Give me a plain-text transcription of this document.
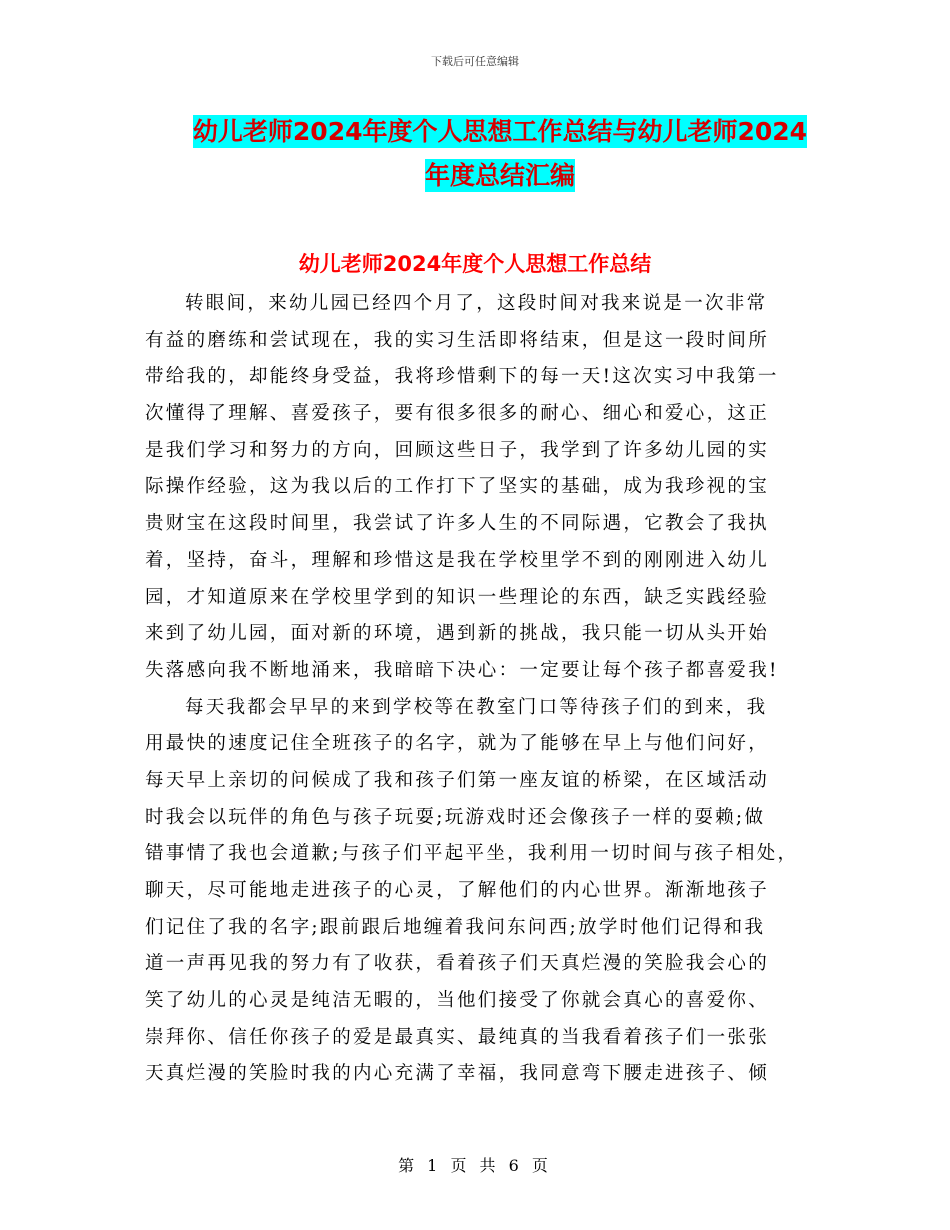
下载后可任意编辑
幼儿老师2024年度个人思想工作总结与幼儿老师2024
年度总结汇编
幼儿老师2024年度个人思想工作总结
转眼间，来幼儿园已经四个月了，这段时间对我来说是一次非常
有益的磨练和尝试现在，我的实习生活即将结束，但是这一段时间所
带给我的，却能终身受益，我将珍惜剩下的每一天!这次实习中我第一
次懂得了理解、喜爱孩子，要有很多很多的耐心、细心和爱心，这正
是我们学习和努力的方向，回顾这些日子，我学到了许多幼儿园的实
际操作经验，这为我以后的工作打下了坚实的基础，成为我珍视的宝
贵财宝在这段时间里，我尝试了许多人生的不同际遇，它教会了我执
着，坚持，奋斗，理解和珍惜这是我在学校里学不到的刚刚进入幼儿
园，才知道原来在学校里学到的知识一些理论的东西，缺乏实践经验
来到了幼儿园，面对新的环境，遇到新的挑战，我只能一切从头开始
失落感向我不断地涌来，我暗暗下决心：一定要让每个孩子都喜爱我!
每天我都会早早的来到学校等在教室门口等待孩子们的到来，我
用最快的速度记住全班孩子的名字，就为了能够在早上与他们问好，
每天早上亲切的问候成了我和孩子们第一座友谊的桥梁，在区域活动
时我会以玩伴的角色与孩子玩耍;玩游戏时还会像孩子一样的耍赖;做
错事情了我也会道歉;与孩子们平起平坐，我利用一切时间与孩子相处，
聊天，尽可能地走进孩子的心灵，了解他们的内心世界。渐渐地孩子
们记住了我的名字;跟前跟后地缠着我问东问西;放学时他们记得和我
道一声再见我的努力有了收获，看着孩子们天真烂漫的笑脸我会心的
笑了幼儿的心灵是纯洁无暇的，当他们接受了你就会真心的喜爱你、
崇拜你、信任你孩子的爱是最真实、最纯真的当我看着孩子们一张张
天真烂漫的笑脸时我的内心充满了幸福，我同意弯下腰走进孩子、倾
第 1 页 共 6 页
